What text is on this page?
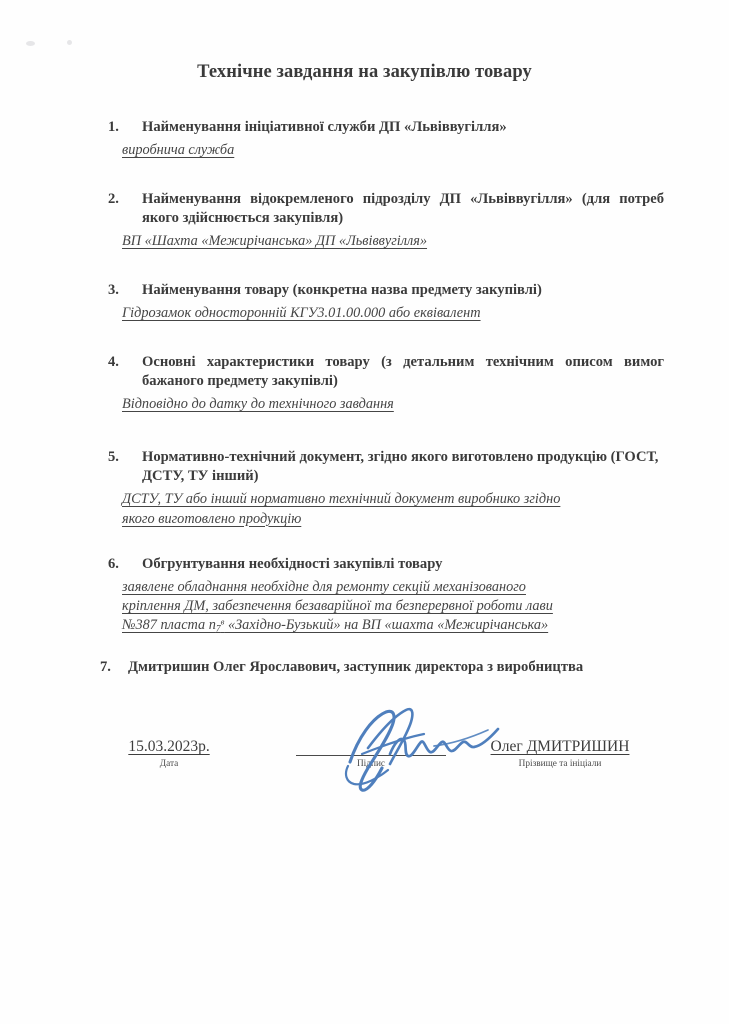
Технічне завдання на закупівлю товару

1. Найменування ініціативної служби ДП «Львіввугілля»

виробнича служба

2. Найменування відокремленого підрозділу ДП «Львіввугілля» (для потреб якого здійснюється закупівля)

ВП «Шахта «Межирічанська» ДП «Львіввугілля»

3. Найменування товару (конкретна назва предмету закупівлі)

Гідрозамок односторонній КГУ3.01.00.000 або еквівалент

4. Основні характеристики товару (з детальним технічним описом вимог бажаного предмету закупівлі)

Відповідно до датку до технічного завдання

5. Нормативно-технічний документ, згідно якого виготовлено продукцію (ГОСТ, ДСТУ, ТУ інший)

ДСТУ, ТУ або інший нормативно технічний документ виробнико згідно
якого виготовлено продукцію

6. Обгрунтування необхідності закупівлі товару

заявлене обладнання необхідне для ремонту секцій механізованого
кріплення ДМ, забезпечення безаварійної та безперервної роботи лави
№387 пласта $п_7^в$ «Західно-Бузький» на ВП «шахта «Межирічанська»

7. Дмитришин Олег Ярославович, заступник директора з виробництва

15.03.2023р.
Дата	Підпис
Олег ДМИТРИШИН
Прізвище та ініціали
